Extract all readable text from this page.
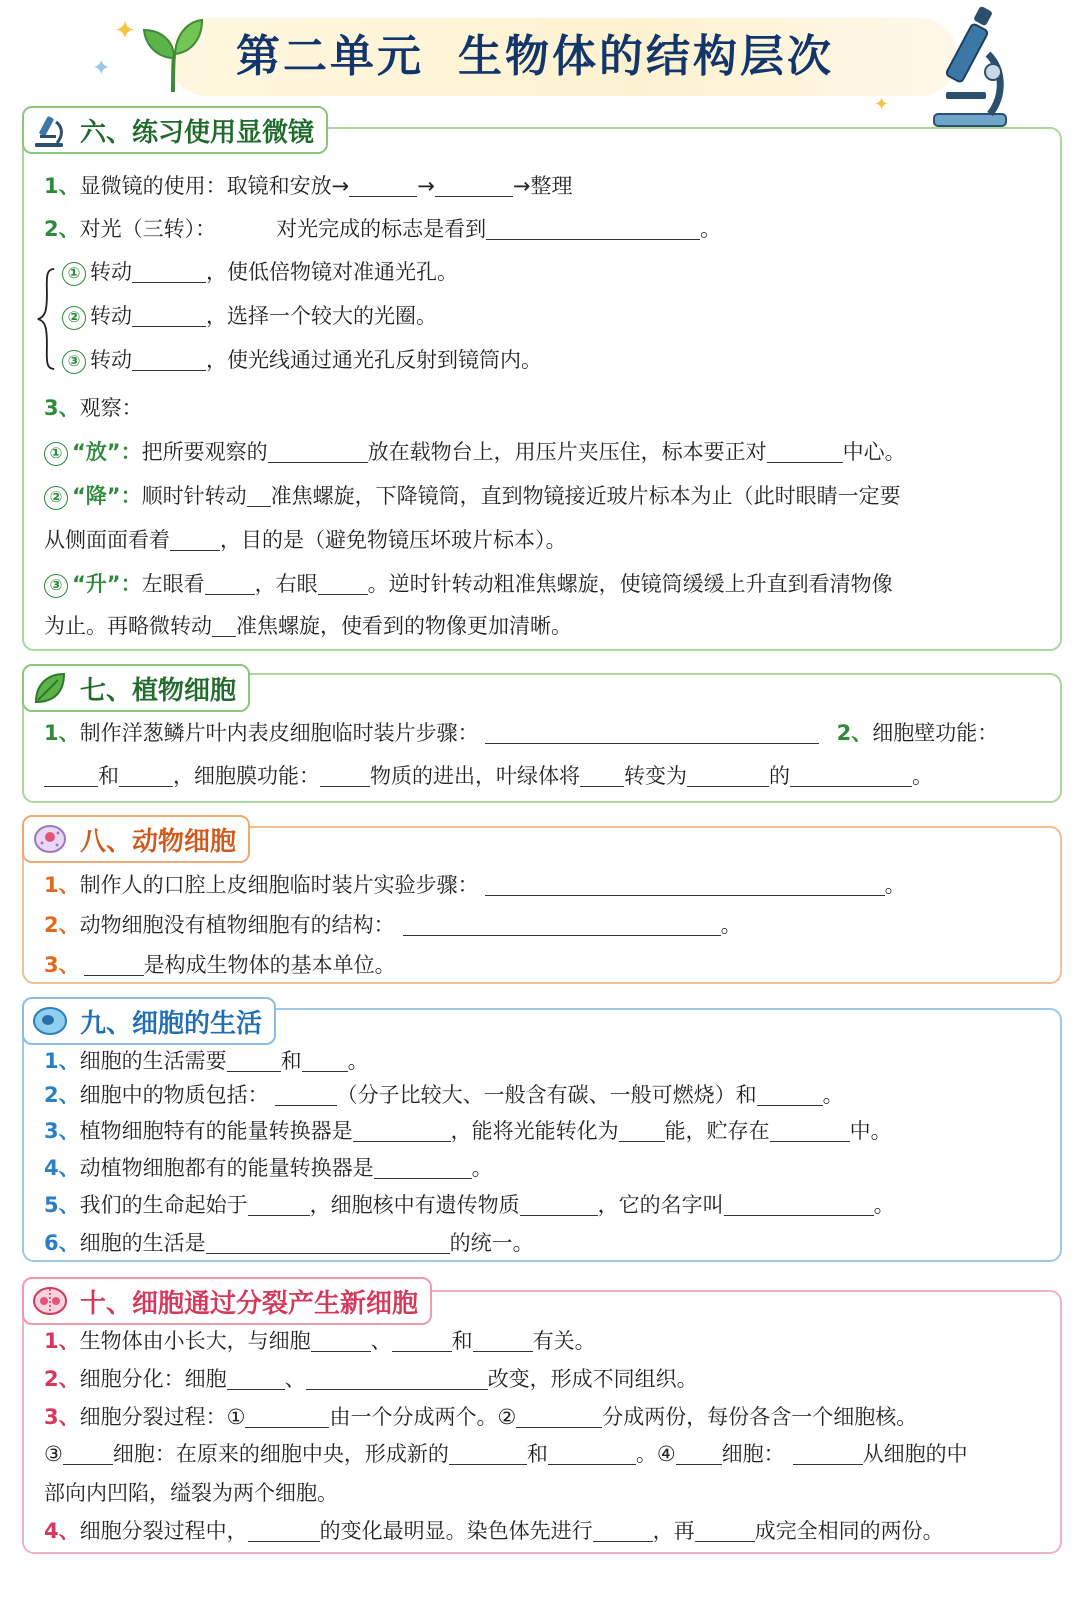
✦
✦
✦
第二单元 生物体的结构层次
1、显微镜的使用：取镜和安放→	→	→整理
2、对光（三转）：	对光完成的标志是看到	。
① 转动	，使低倍物镜对准通光孔。
② 转动	，选择一个较大的光圈。
③ 转动	，使光线通过通光孔反射到镜筒内。
3、观察：
① “放”：把所要观察的	放在载物台上，用压片夹压住，标本要正对	中心。
② “降”：顺时针转动 准焦螺旋，下降镜筒，直到物镜接近玻片标本为止（此时眼睛一定要
从侧面面看着 ，目的是（避免物镜压坏玻片标本）。
③ “升”：左眼看 ，右眼 。逆时针转动粗准焦螺旋，使镜筒缓缓上升直到看清物像
为止。再略微转动 准焦螺旋，使看到的物像更加清晰。
六、练习使用显微镜
1、制作洋葱鳞片叶内表皮细胞临时装片步骤：	2、细胞壁功能：
和	，细胞膜功能： 物质的进出，叶绿体将 转变为	的	。
七、植物细胞
1、制作人的口腔上皮细胞临时装片实验步骤：	。
2、动物细胞没有植物细胞有的结构：	。
3、	是构成生物体的基本单位。
八、动物细胞
1、细胞的生活需要	和 。
2、细胞中的物质包括：	（分子比较大、一般含有碳、一般可燃烧）和	。
3、植物细胞特有的能量转换器是	，能将光能转化为 能，贮存在	中。
4、动植物细胞都有的能量转换器是	。
5、我们的生命起始于	，细胞核中有遗传物质	，它的名字叫	。
6、细胞的生活是	的统一。
九、细胞的生活
1、生物体由小长大，与细胞	、	和	有关。
2、细胞分化：细胞	、	改变，形成不同组织。
3、细胞分裂过程：①	由一个分成两个。②	分成两份，每份各含一个细胞核。
③ 细胞：在原来的细胞中央，形成新的	和	。④ 细胞：	从细胞的中
部向内凹陷，缢裂为两个细胞。
4、细胞分裂过程中，	的变化最明显。染色体先进行	，再	成完全相同的两份。
十、细胞通过分裂产生新细胞
